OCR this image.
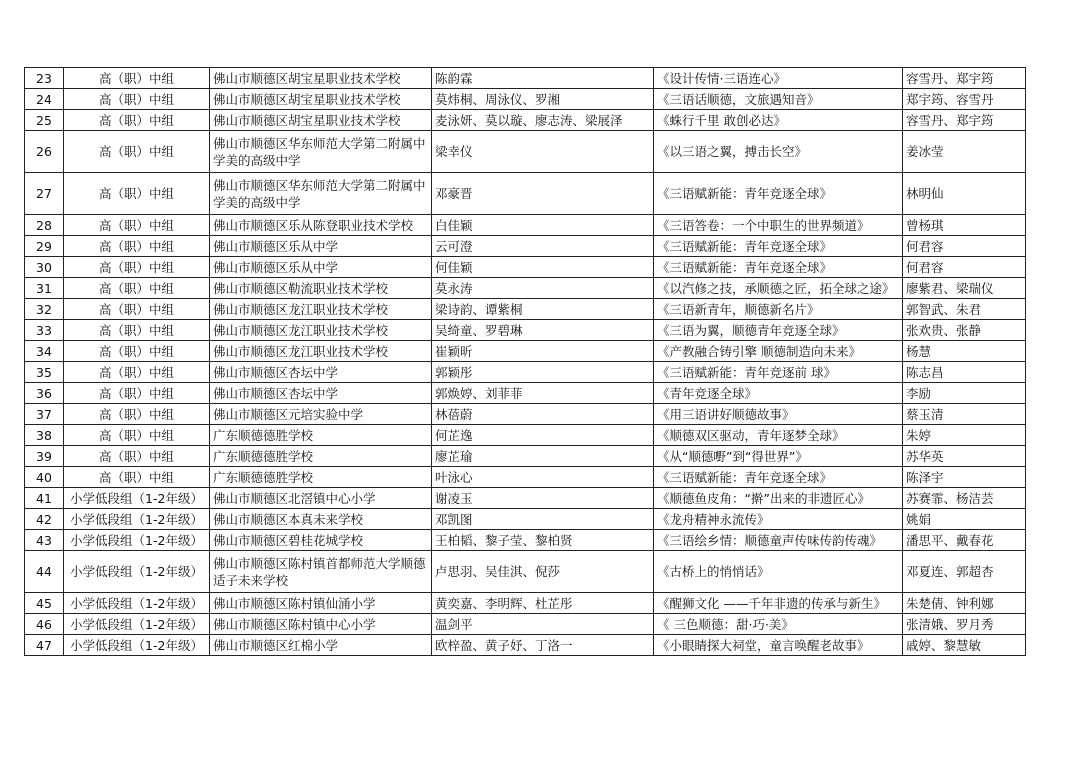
23	高（职）中组	佛山市顺德区胡宝星职业技术学校	陈韵霖	《设计传情·三语连心》	容雪丹、郑宇筠
24	高（职）中组	佛山市顺德区胡宝星职业技术学校	莫炜桐、周泳仪、罗湘	《三语话顺德，文旅遇知音》	郑宇筠、容雪丹
25	高（职）中组	佛山市顺德区胡宝星职业技术学校	麦泳妍、莫以璇、廖志涛、梁展泽	《蛛行千里 敢创必达》	容雪丹、郑宇筠
26	高（职）中组	佛山市顺德区华东师范大学第二附属中学美的高级中学	梁幸仪	《以三语之翼，搏击长空》	姜冰莹
27	高（职）中组	佛山市顺德区华东师范大学第二附属中学美的高级中学	邓豪晋	《三语赋新能：青年竞逐全球》	林明仙
28	高（职）中组	佛山市顺德区乐从陈登职业技术学校	白佳颖	《三语答卷：一个中职生的世界频道》	曾杨琪
29	高（职）中组	佛山市顺德区乐从中学	云可澄	《三语赋新能：青年竞逐全球》	何君容
30	高（职）中组	佛山市顺德区乐从中学	何佳颖	《三语赋新能：青年竞逐全球》	何君容
31	高（职）中组	佛山市顺德区勒流职业技术学校	莫永涛	《以汽修之技，承顺德之匠，拓全球之途》	廖紫君、梁瑞仪
32	高（职）中组	佛山市顺德区龙江职业技术学校	梁诗韵、谭紫桐	《三语新青年，顺德新名片》	郭智武、朱君
33	高（职）中组	佛山市顺德区龙江职业技术学校	吴绮童、罗碧琳	《三语为翼，顺德青年竞逐全球》	张欢贵、张静
34	高（职）中组	佛山市顺德区龙江职业技术学校	崔颖昕	《产教融合铸引擎 顺德制造向未来》	杨慧
35	高（职）中组	佛山市顺德区杏坛中学	郭颖彤	《三语赋新能：青年竞逐前 球》	陈志昌
36	高（职）中组	佛山市顺德区杏坛中学	郭焕婷、刘菲菲	《青年竞逐全球》	李励
37	高（职）中组	佛山市顺德区元培实验中学	林蓓蔚	《用三语讲好顺德故事》	蔡玉清
38	高（职）中组	广东顺德德胜学校	何芷逸	《顺德双区驱动，青年逐梦全球》	朱婷
39	高（职）中组	广东顺德德胜学校	廖芷瑜	《从“顺德嘢”到“得世界”》	苏华英
40	高（职）中组	广东顺德德胜学校	叶泳心	《三语赋新能：青年竞逐全球》	陈泽宇
41	小学低段组（1-2年级）	佛山市顺德区北滘镇中心小学	谢凌玉	《顺德鱼皮角：“擀”出来的非遗匠心》	苏赛霏、杨洁芸
42	小学低段组（1-2年级）	佛山市顺德区本真未来学校	邓凯图	《龙舟精神永流传》	姚娟
43	小学低段组（1-2年级）	佛山市顺德区碧桂花城学校	王柏韬、黎子莹、黎柏贤	《三语绘乡情：顺德童声传味传韵传魂》	潘思平、戴春花
44	小学低段组（1-2年级）	佛山市顺德区陈村镇首都师范大学顺德适子未来学校	卢思羽、吴佳淇、倪莎	《古桥上的悄悄话》	邓夏连、郭超杏
45	小学低段组（1-2年级）	佛山市顺德区陈村镇仙涌小学	黄奕嘉、李明辉、杜芷彤	《醒狮文化 ——千年非遗的传承与新生》	朱楚倩、钟利娜
46	小学低段组（1-2年级）	佛山市顺德区陈村镇中心小学	温剑平	《 三色顺德：甜·巧·美》	张清娥、罗月秀
47	小学低段组（1-2年级）	佛山市顺德区红棉小学	欧梓盈、黄子妤、丁洛一	《小眼睛探大祠堂，童言唤醒老故事》	戚婷、黎慧敏
